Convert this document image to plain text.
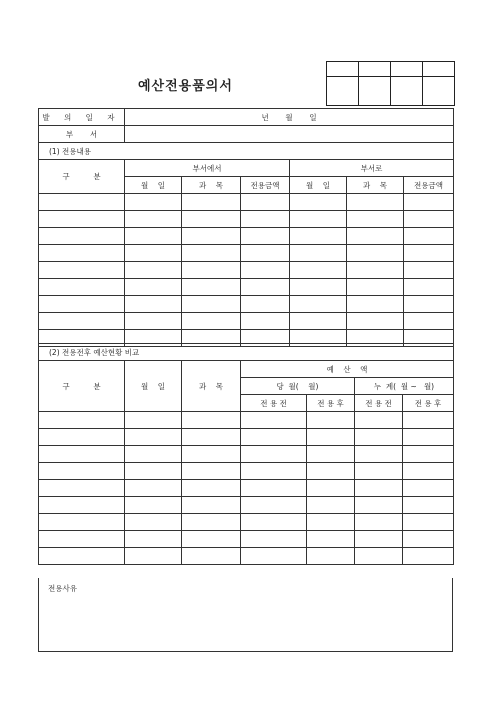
예산전용품의서

발 의 일 자	년       월       일					
부       서						
(1) 전용내용						
구          분	부서에서			부서로		
	월    일	과    목	전용금액	월    일	과    목	전용금액

(2) 전용전후 예산현황 비교						
구          분	월    일	과    목	예    산    액			
			당  월(    월)		누  계(  월 ~   월)	
			전 용 전	전 용 후	전 용 전	전 용 후

전용사유
